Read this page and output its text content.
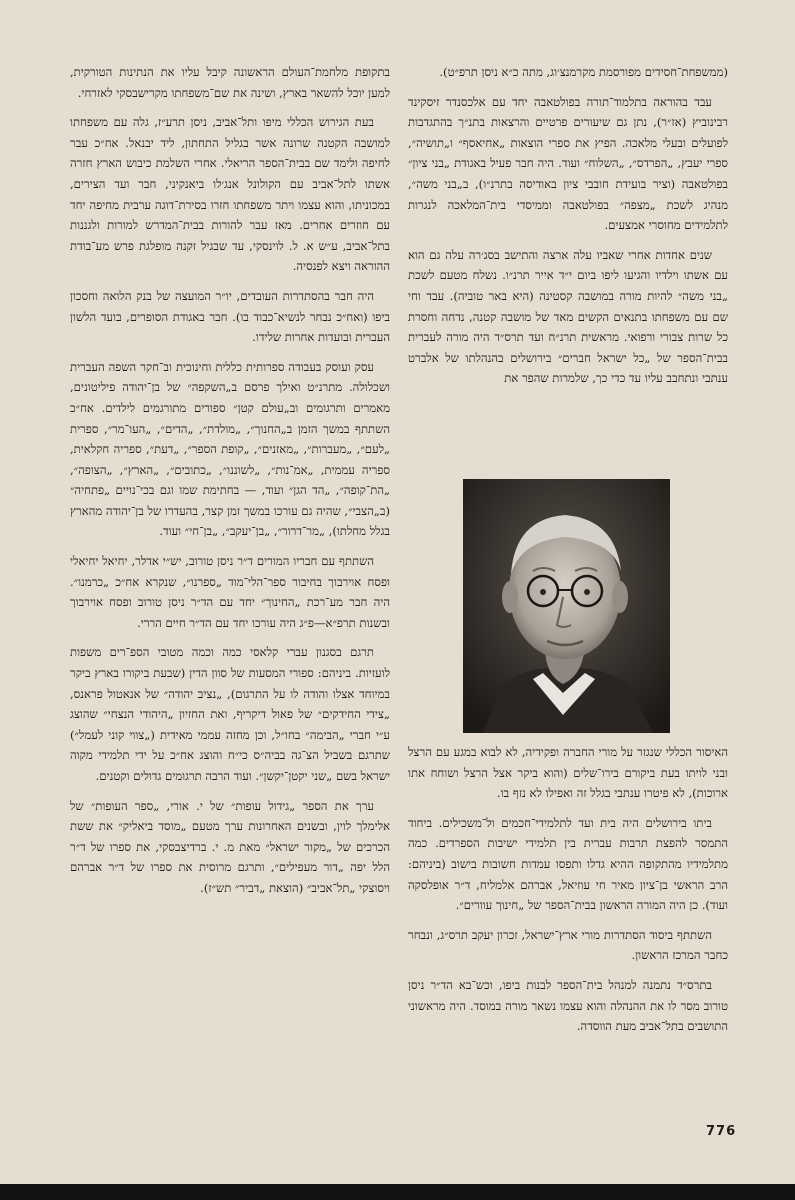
(ממשפחת־חסידים מפורסמת מקרמנצ׳וג, מתה כ״א ניסן תרפ״ט).

עבד בהוראה בתלמוד־תורה בפולטאבה יחד עם אלכסנדר זיסקינד רבינוביץ (אז״ר), נתן גם שיעורים פרטיים והרצאות בתנ״ך בהתגדבות לפועלים ובעלי מלאכה. הפיץ את ספרי הוצאות „אחיאסף״ ו„תושיה״, ספרי יעבץ, „הפרדס״, „השלוח״ ועוד. היה חבר פעיל באגודת „בני ציון״ בפולטאבה (וציר בועידת חובבי ציון באודיסה בתרנ״ו), ב„בני משה״, מנהיג לשכת „מצפה״ בפולטאבה וממיסדי בית־המלאכה לנגרות לתלמידים מחוסרי אמצעים.

שנים אחדות אחרי שאביו עלה ארצה והתישב בסג׳רה עלה גם הוא עם אשתו וילדיו והגיעו ליפו ביום י״ד אייר תרנ״ו. נשלח מטעם לשכת „בני משה״ להיות מורה במושבה קסטינה (היא באר טוביה). עבד וחי שם עם משפחתו בתנאים הקשים מאד של מושבה קטנה, נדחה וחסרת כל שרות צבורי ורפואי. מראשית תרנ״ח ועד תרס״ד היה מורה לעברית בבית־הספר של „כל ישראל חברים״ בירושלים בהנהלתו של אלברט ענתבי ונתחבב עליו עד כדי כך, שלמרות שהפר את

האיסור הכללי שנגזר על מורי החברה ופקידיה, לא לבוא במגע עם הרצל ובני לויתו בעת ביקורם בירו־שלים (והוא ביקר אצל הרצל ושוחח אתו ארוכות), לא פיטרו ענתבי בגלל זה ואפילו לא נזף בו.

ביתו בירושלים היה בית ועד לתלמידי־חכמים ול־משכילים. ביחוד התמסר להפצת תרבות עברית בין תלמידי ישיבות הספרדים. כמה מתלמידיו מהתקופה ההיא גדלו ותפסו עמדות חשובות בישוב (ביניהם: הרב הראשי בן־ציון מאיר חי עוזיאל, אברהם אלמליח, ד״ר אופלסקה ועוד). כן היה המורה הראשון בבית־הספר של „חינוך עוורים״.

השתתף ביסוד הסתדרות מורי ארץ־ישראל, זכרון יעקב תרס״ג, ונבחר כחבר המרכז הראשון.

בתרס״ד נתמנה למנהל בית־הספר לבנות ביפו, וכש־בא הד״ר ניסן טורוב מסר לו את ההנהלה והוא עצמו נשאר מורה במוסד. היה מראשוני התושבים בתל־אביב מעת הווסדה.

בתקופת מלחמת־העולם הראשונה קיבל עליו את הנתינות הטורקית, למען יוכל להשאר בארץ, ושינה את שם־משפחתו מקרישבסקי לאזרחי.

בעת הגירוש הכללי מיפו ותל־אביב, ניסן תרע״ז, גלה עם משפחתו למושבה הקטנה שרונה אשר בגליל התחתון, ליד יבנאל. אח״כ עבר לחיפה ולימד שם בבית־הספר הריאלי. אחרי השלמת כיבוש הארץ חזרה אשתו לתל־אביב עם הקולונל אנג׳לו ביאנקיני, חבר ועד הצירים, במכוניתו, והוא עצמו ויתר משפחתו חזרו בסירת־דוגה ערבית מחיפה יחד עם חוזרים אחרים. מאז עבר להורות בבית־המדרש למורות ולגננות בתל־אביב, ע״ש א. ל. לוינסקי, עד שבגיל זקנה מופלגת פרש מע־בודת ההוראה ויצא לפנסיה.

היה חבר בהסתדרות העובדים, יו״ר המועצה של בנק הלואה וחסכון ביפו (ואח״כ נבחר לנשיא־כבוד בו). חבר באגודת הסופרים, בועד הלשון העברית ובועדות אחרות שלידו.

עסק ועוסק בעבודה ספרותית כללית וחינוכית וב־חקר השפה העברית ושכלולה. מתרנ״ט ואילך פרסם ב„השקפה״ של בן־יהודה פיליטונים, מאמרים ותרגומים וב„עולם קטן״ ספורים מתורגמים לילדים. אח״כ השתתף במשך הזמן ב„החנוך״, „מולדת״, „הדים״, „העו־מר״, ספרית „לעם״, „מעברות״, „מאזנים״, „קופת הספר״, „דעת״, ספריה חקלאית, ספריה עממית, „אמ־נות״, „לשוננו״, „כתובים״, „הארץ״, „הצופה״, „הת־קופה״, „הד הגן״ ועוד, — בחתימת שמו וגם בכי־נויים „פתחיה״ (ב„הצבי״, שהיה גם עורכו במשך זמן קצר, בהעדרו של בן־יהודה מהארץ בגלל מחלתו), „מר־דרור״, „בן־יעקב״, „בן־חי״ ועוד.

השתתף עם חבריו המורים ד״ר ניסן טורוב, יש״י אדלר, יחיאל יחיאלי ופסח אוירבוך בחיבור ספר־הלי־מוד „ספרנו״, שנקרא אח״כ „כרמנו״. היה חבר מע־רכת „החינוך״ יחד עם הד״ר ניסן טורוב ופסח אוירבוך ובשנות תרפ״א—פ״ג היה עורכו יחד עם הד״ר חיים הררי.

תרגם בסגנון עברי קלאסי כמה וכמה מטובי הספ־רים משפות לועזיות. ביניהם: ספורי המסעות של סוון הדין (שבעת ביקורו בארץ ביקר במיוחד אצלו והודה לו על התרגום), „נציב יהודה״ של אנאטול פראנס, „צידי החידקים״ של פאול דיקריף, ואת החזיון „היהודי הנצחי״ שהוצג ע״י חברי „הבימה״ בחו״ל, וכן מחזה עממי מאידית („צווי קוני לעמל״) שתרגם בשביל הצ־גה בביה״ס כי״ח והוצג אח״כ על ידי תלמידי מקוה ישראל בשם „שני יקטן־יקשן״. ועוד הרבה תרגומים גדולים וקטנים.

ערך את הספר „גידול עופות״ של י. אורי, „ספר העופות״ של אלימלך לוין, ובשנים האחרונות ערך מטעם „מוסד ביאליק״ את ששת הכרכים של „מקור ישראל״ מאת מ. י. ברדיצבסקי, את ספרו של ד״ר הלל יפה „דור מעפילים״, ותרגם מרוסית את ספרו של ד״ר אברהם ויסוצקי „תל־אביב״ (הוצאת „דביר״ תש״ז).

776
